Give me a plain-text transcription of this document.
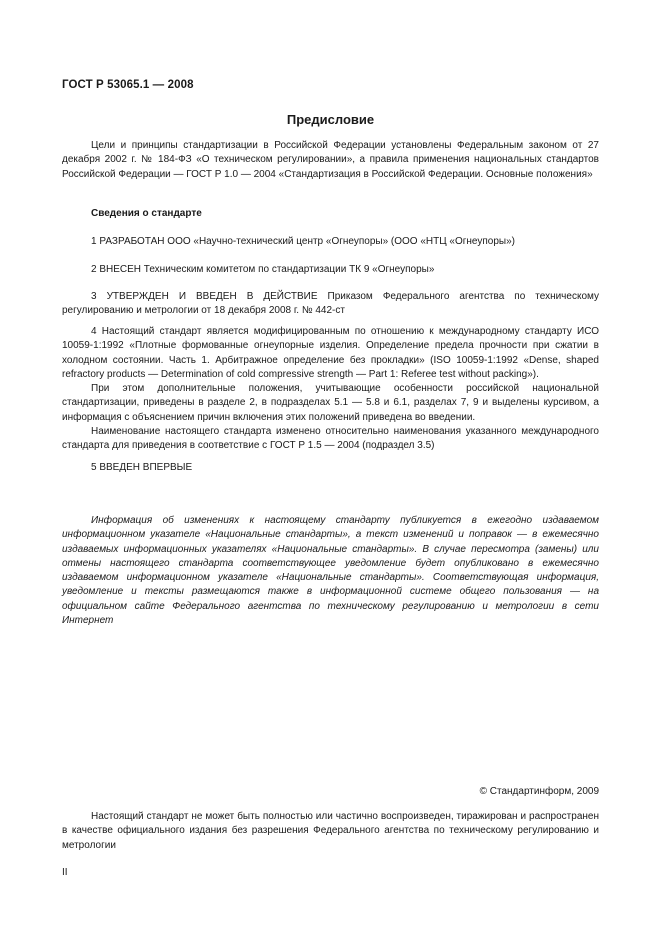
ГОСТ Р 53065.1 — 2008
Предисловие

Цели и принципы стандартизации в Российской Федерации установлены Федеральным законом от 27 декабря 2002 г. № 184-ФЗ «О техническом регулировании», а правила применения национальных стандартов Российской Федерации — ГОСТ Р 1.0 — 2004 «Стандартизация в Российской Федерации. Основные положения»

Сведения о стандарте

1 РАЗРАБОТАН ООО «Научно-технический центр «Огнеупоры» (ООО «НТЦ «Огнеупоры»)

2 ВНЕСЕН Техническим комитетом по стандартизации ТК 9 «Огнеупоры»

3 УТВЕРЖДЕН И ВВЕДЕН В ДЕЙСТВИЕ Приказом Федерального агентства по техническому регулированию и метрологии от 18 декабря 2008 г. № 442-ст

4 Настоящий стандарт является модифицированным по отношению к международному стандарту ИСО 10059-1:1992 «Плотные формованные огнеупорные изделия. Определение предела прочности при сжатии в холодном состоянии. Часть 1. Арбитражное определение без прокладки» (ISO 10059-1:1992 «Dense, shaped refractory products — Determination of cold compressive strength — Part 1: Referee test without packing»).

При этом дополнительные положения, учитывающие особенности российской национальной стандартизации, приведены в разделе 2, в подразделах 5.1 — 5.8 и 6.1, разделах 7, 9 и выделены курсивом, а информация с объяснением причин включения этих положений приведена во введении.

Наименование настоящего стандарта изменено относительно наименования указанного международного стандарта для приведения в соответствие с ГОСТ Р 1.5 — 2004 (подраздел 3.5)

5 ВВЕДЕН ВПЕРВЫЕ

Информация об изменениях к настоящему стандарту публикуется в ежегодно издаваемом информационном указателе «Национальные стандарты», а текст изменений и поправок — в ежемесячно издаваемых информационных указателях «Национальные стандарты». В случае пересмотра (замены) или отмены настоящего стандарта соответствующее уведомление будет опубликовано в ежемесячно издаваемом информационном указателе «Национальные стандарты». Соответствующая информация, уведомление и тексты размещаются также в информационной системе общего пользования — на официальном сайте Федерального агентства по техническому регулированию и метрологии в сети Интернет

© Стандартинформ, 2009

Настоящий стандарт не может быть полностью или частично воспроизведен, тиражирован и распространен в качестве официального издания без разрешения Федерального агентства по техническому регулированию и метрологии

II
